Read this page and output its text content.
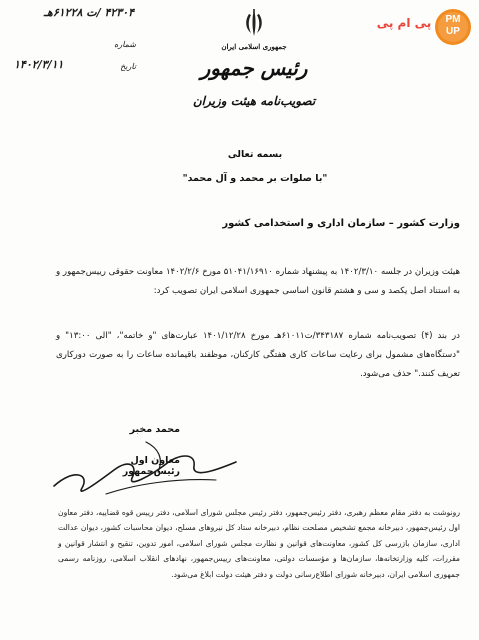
۴۲۳۰۴ /ت ۶۱۲۲۸هـ
شماره
تاریخ
۱۴۰۲/۳/۱۱
جمهوری اسلامی ایران
رئیس جمهور
تصویب‌نامه هیئت وزیران
پی ام پی	PM UP
بسمه تعالی
"با صلوات بر محمد و آل محمد"
وزارت کشور – سازمان اداری و استخدامی کشور
هیئت وزیران در جلسه ۱۴۰۲/۳/۱۰ به پیشنهاد شماره ۵۱۰۴۱/۱۶۹۱۰ مورخ ۱۴۰۲/۲/۶ معاونت حقوقی رییس‌جمهور و به استناد اصل یکصد و سی و هشتم قانون اساسی جمهوری اسلامی ایران تصویب کرد:
در بند (۴) تصویب‌نامه شماره ۳۴۳۱۸۷/ت۶۱۰۱۱هـ مورخ ۱۴۰۱/۱۲/۲۸ عبارت‌های "و خاتمه"، "الی ۱۳:۰۰" و "دستگاه‌های مشمول برای رعایت ساعات کاری هفتگی کارکنان، موظفند باقیمانده ساعات را به صورت دورکاری تعریف کنند." حذف می‌شود.
محمد مخبر
معاون اول رئیس‌جمهور
رونوشت به دفتر مقام معظم رهبری، دفتر رئیس‌جمهور، دفتر رئیس مجلس شورای اسلامی، دفتر رییس قوه قضاییه، دفتر معاون اول رئیس‌جمهور، دبیرخانه مجمع تشخیص مصلحت نظام، دبیرخانه ستاد کل نیروهای مسلح، دیوان محاسبات کشور، دیوان عدالت اداری، سازمان بازرسی کل کشور، معاونت‌های قوانین و نظارت مجلس شورای اسلامی، امور تدوین، تنقیح و انتشار قوانین و مقررات، کلیه وزارتخانه‌ها، سازمان‌ها و مؤسسات دولتی، معاونت‌های رییس‌جمهور، نهادهای انقلاب اسلامی، روزنامه رسمی جمهوری اسلامی ایران، دبیرخانه شورای اطلاع‌رسانی دولت و دفتر هیئت دولت ابلاغ می‌شود.
